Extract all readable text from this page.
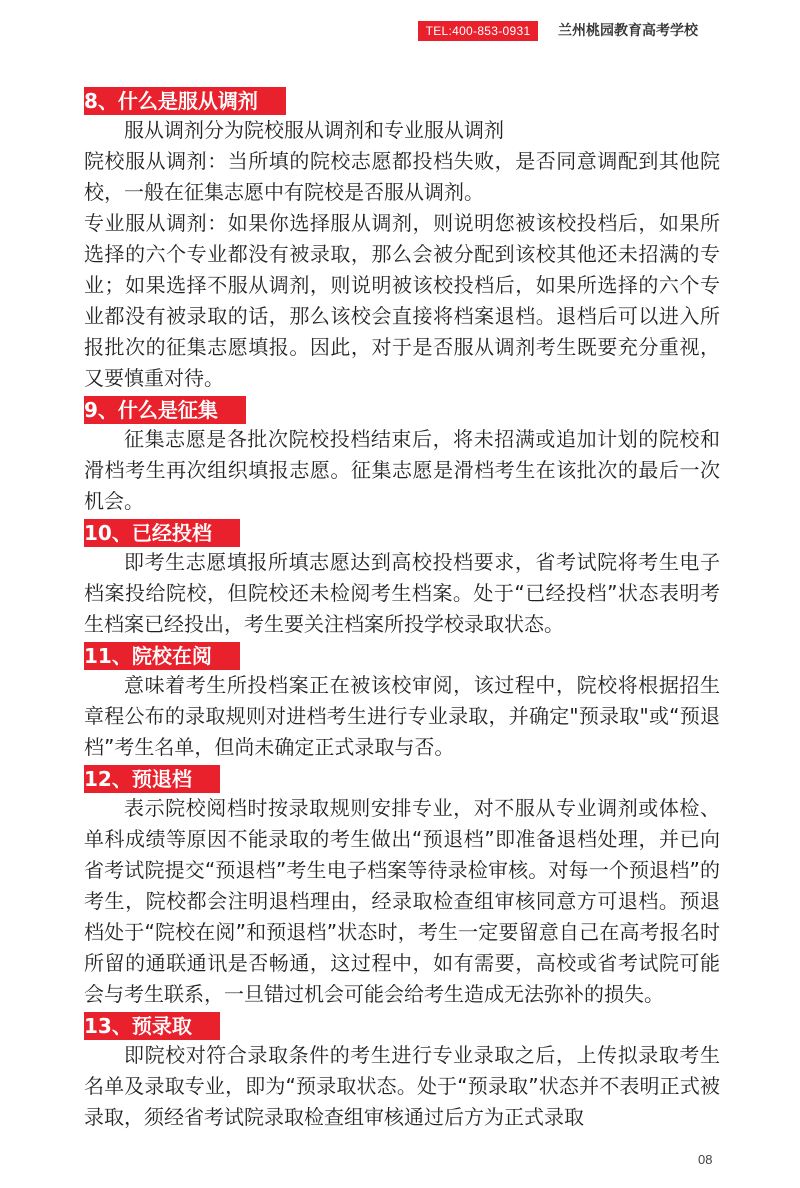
TEL:400-853-0931	兰州桃园教育高考学校
8、什么是服从调剂

服从调剂分为院校服从调剂和专业服从调剂

院校服从调剂：当所填的院校志愿都投档失败，是否同意调配到其他院校，一般在征集志愿中有院校是否服从调剂。

专业服从调剂：如果你选择服从调剂，则说明您被该校投档后，如果所选择的六个专业都没有被录取，那么会被分配到该校其他还未招满的专业；如果选择不服从调剂，则说明被该校投档后，如果所选择的六个专业都没有被录取的话，那么该校会直接将档案退档。退档后可以进入所报批次的征集志愿填报。因此，对于是否服从调剂考生既要充分重视，又要慎重对待。

9、什么是征集

征集志愿是各批次院校投档结束后，将未招满或追加计划的院校和滑档考生再次组织填报志愿。征集志愿是滑档考生在该批次的最后一次机会。

10、已经投档

即考生志愿填报所填志愿达到高校投档要求，省考试院将考生电子档案投给院校，但院校还未检阅考生档案。处于“已经投档”状态表明考生档案已经投出，考生要关注档案所投学校录取状态。

11、院校在阅

意味着考生所投档案正在被该校审阅，该过程中，院校将根据招生章程公布的录取规则对进档考生进行专业录取，并确定"预录取"或“预退档”考生名单，但尚未确定正式录取与否。

12、预退档

表示院校阅档时按录取规则安排专业，对不服从专业调剂或体检、单科成绩等原因不能录取的考生做出“预退档”即准备退档处理，并已向省考试院提交“预退档”考生电子档案等待录检审核。对每一个预退档”的考生，院校都会注明退档理由，经录取检查组审核同意方可退档。预退档处于“院校在阅”和预退档”状态时，考生一定要留意自己在高考报名时所留的通联通讯是否畅通，这过程中，如有需要，高校或省考试院可能会与考生联系，一旦错过机会可能会给考生造成无法弥补的损失。

13、预录取

即院校对符合录取条件的考生进行专业录取之后，上传拟录取考生名单及录取专业，即为“预录取状态。处于“预录取”状态并不表明正式被录取，须经省考试院录取检查组审核通过后方为正式录取

08
